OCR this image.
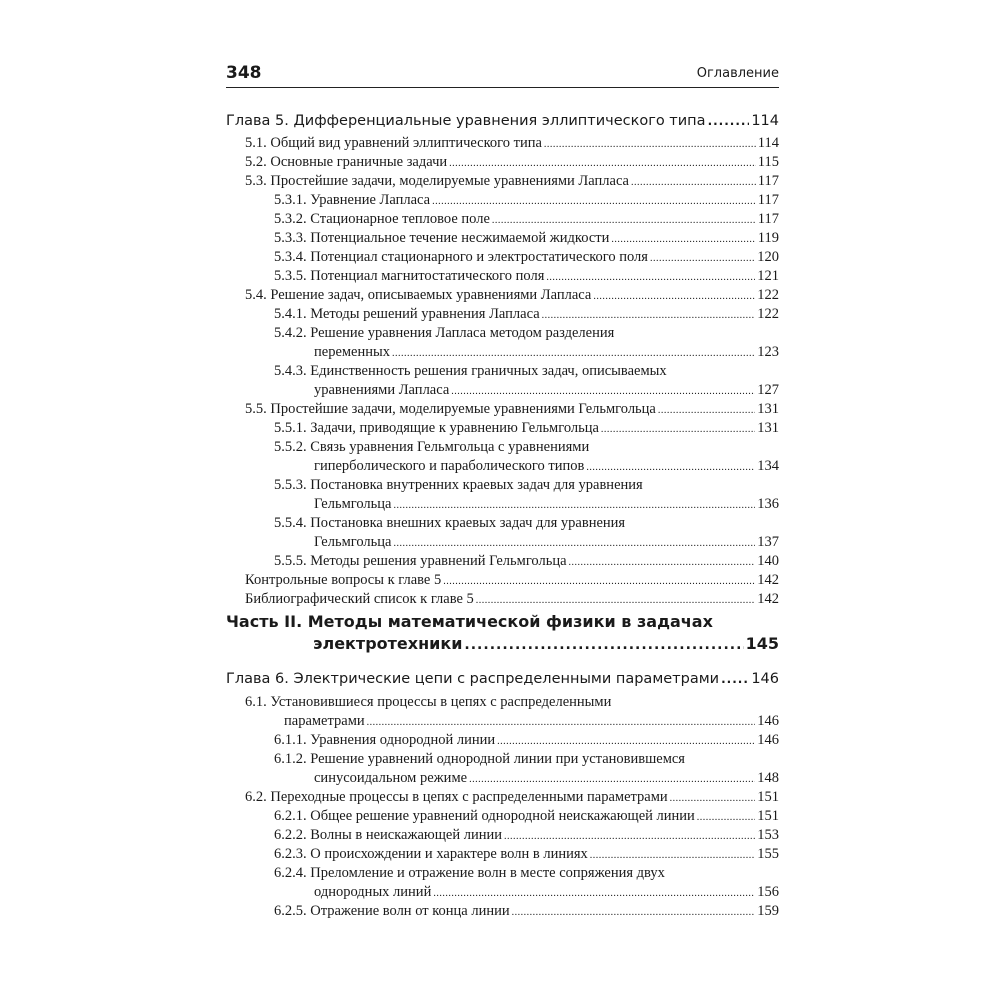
348	Оглавление
Глава 5. Дифференциальные уравнения эллиптического типа .....	114
5.1. Общий вид уравнений эллиптического типа .....	114
5.2. Основные граничные задачи .....	115
5.3. Простейшие задачи, моделируемые уравнениями Лапласа .....	117
5.3.1. Уравнение Лапласа .....	117
5.3.2. Стационарное тепловое поле .....	117
5.3.3. Потенциальное течение несжимаемой жидкости .....	119
5.3.4. Потенциал стационарного и электростатического поля .....	120
5.3.5. Потенциал магнитостатического поля .....	121
5.4. Решение задач, описываемых уравнениями Лапласа .....	122
5.4.1. Методы решений уравнения Лапласа .....	122
5.4.2. Решение уравнения Лапласа методом разделения
переменных .....	123
5.4.3. Единственность решения граничных задач, описываемых
уравнениями Лапласа .....	127
5.5. Простейшие задачи, моделируемые уравнениями Гельмгольца .....	131
5.5.1. Задачи, приводящие к уравнению Гельмгольца .....	131
5.5.2. Связь уравнения Гельмгольца с уравнениями
гиперболического и параболического типов .....	134
5.5.3. Постановка внутренних краевых задач для уравнения
Гельмгольца .....	136
5.5.4. Постановка внешних краевых задач для уравнения
Гельмгольца .....	137
5.5.5. Методы решения уравнений Гельмгольца .....	140
Контрольные вопросы к главе 5 .....	142
Библиографический список к главе 5 .....	142
Часть II. Методы математической физики в задачах
электротехники .....	145
Глава 6. Электрические цепи с распределенными параметрами ..... 146
6.1. Установившиеся процессы в цепях с распределенными
параметрами .....	146
6.1.1. Уравнения однородной линии .....	146
6.1.2. Решение уравнений однородной линии при установившемся
синусоидальном режиме .....	148
6.2. Переходные процессы в цепях с распределенными параметрами .....	151
6.2.1. Общее решение уравнений однородной неискажающей линии .....	151
6.2.2. Волны в неискажающей линии .....	153
6.2.3. О происхождении и характере волн в линиях .....	155
6.2.4. Преломление и отражение волн в месте сопряжения двух
однородных линий .....	156
6.2.5. Отражение волн от конца линии .....	159
